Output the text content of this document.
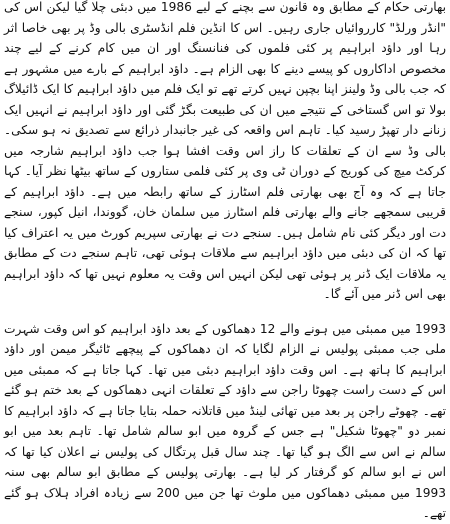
بھارتی حکام کے مطابق وہ قانون سے بچنے کے لیے 1986 میں دبئی چلا گیا لیکن اس کی "انڈر ورلڈ" کارروائیاں جاری رہیں۔ اس کا انڈین فلم انڈسٹری بالی وڈ پر بھی خاصا اثر رہا اور داؤد ابراہیم پر کئی فلموں کی فنانسنگ اور ان میں کام کرنے کے لیے چند مخصوص اداکاروں کو پیسے دینے کا بھی الزام ہے۔ داؤد ابراہیم کے بارے میں مشہور ہے کہ جب بالی وڈ ولینز اپنا بچپن نہیں کرتے تھے تو ایک فلم میں داؤد ابراہیم کا ایک ڈائیلاگ بولا تو اس گستاخی کے نتیجے میں ان کی طبیعت بگڑ گئی اور داؤد ابراہیم نے انہیں ایک زنانے دار تھپڑ رسید کیا۔ تاہم اس واقعہ کی غیر جانبدار ذرائع سے تصدیق نہ ہو سکی۔ بالی وڈ سے ان کے تعلقات کا راز اس وقت افشا ہوا جب داؤد ابراہیم شارجہ میں کرکٹ میچ کی کوریج کے دوران ٹی وی پر کئی فلمی ستاروں کے ساتھ بیٹھا نظر آیا۔ کہا جاتا ہے کہ وہ آج بھی بھارتی فلم اسٹارز کے ساتھ رابطہ میں ہے۔ داؤد ابراہیم کے قریبی سمجھے جانے والے بھارتی فلم اسٹارز میں سلمان خان، گووندا، انیل کپور، سنجے دت اور دیگر کئی نام شامل ہیں۔ سنجے دت نے بھارتی سپریم کورٹ میں یہ اعتراف کیا تھا کہ ان کی دبئی میں داؤد ابراہیم سے ملاقات ہوئی تھی، تاہم سنجے دت کے مطابق یہ ملاقات ایک ڈنر پر ہوئی تھی لیکن انہیں اس وقت یہ معلوم نہیں تھا کہ داؤد ابراہیم بھی اس ڈنر میں آئے گا۔

1993 میں ممبئی میں ہونے والے 12 دھماکوں کے بعد داؤد ابراہیم کو اس وقت شہرت ملی جب ممبئی پولیس نے الزام لگایا کہ ان دھماکوں کے پیچھے ٹائیگر میمن اور داؤد ابراہیم کا ہاتھ ہے۔ اس وقت داؤد ابراہیم دبئی میں تھا۔ کہا جاتا ہے کہ ممبئی میں اس کے دست راست چھوٹا راجن سے داؤد کے تعلقات انہی دھماکوں کے بعد ختم ہو گئے تھے۔ چھوٹے راجن پر بعد میں تھائی لینڈ میں قاتلانہ حملہ بتایا جاتا ہے کہ داؤد ابراہیم کا نمبر دو "چھوٹا شکیل" ہے جس کے گروہ میں ابو سالم شامل تھا۔ تاہم بعد میں ابو سالم نے اس سے الگ ہو گیا تھا۔ چند سال قبل پرتگال کی پولیس نے اعلان کیا تھا کہ اس نے ابو سالم کو گرفتار کر لیا ہے۔ بھارتی پولیس کے مطابق ابو سالم بھی سنہ 1993 میں ممبئی دھماکوں میں ملوث تھا جن میں 200 سے زیادہ افراد ہلاک ہو گئے تھے۔
